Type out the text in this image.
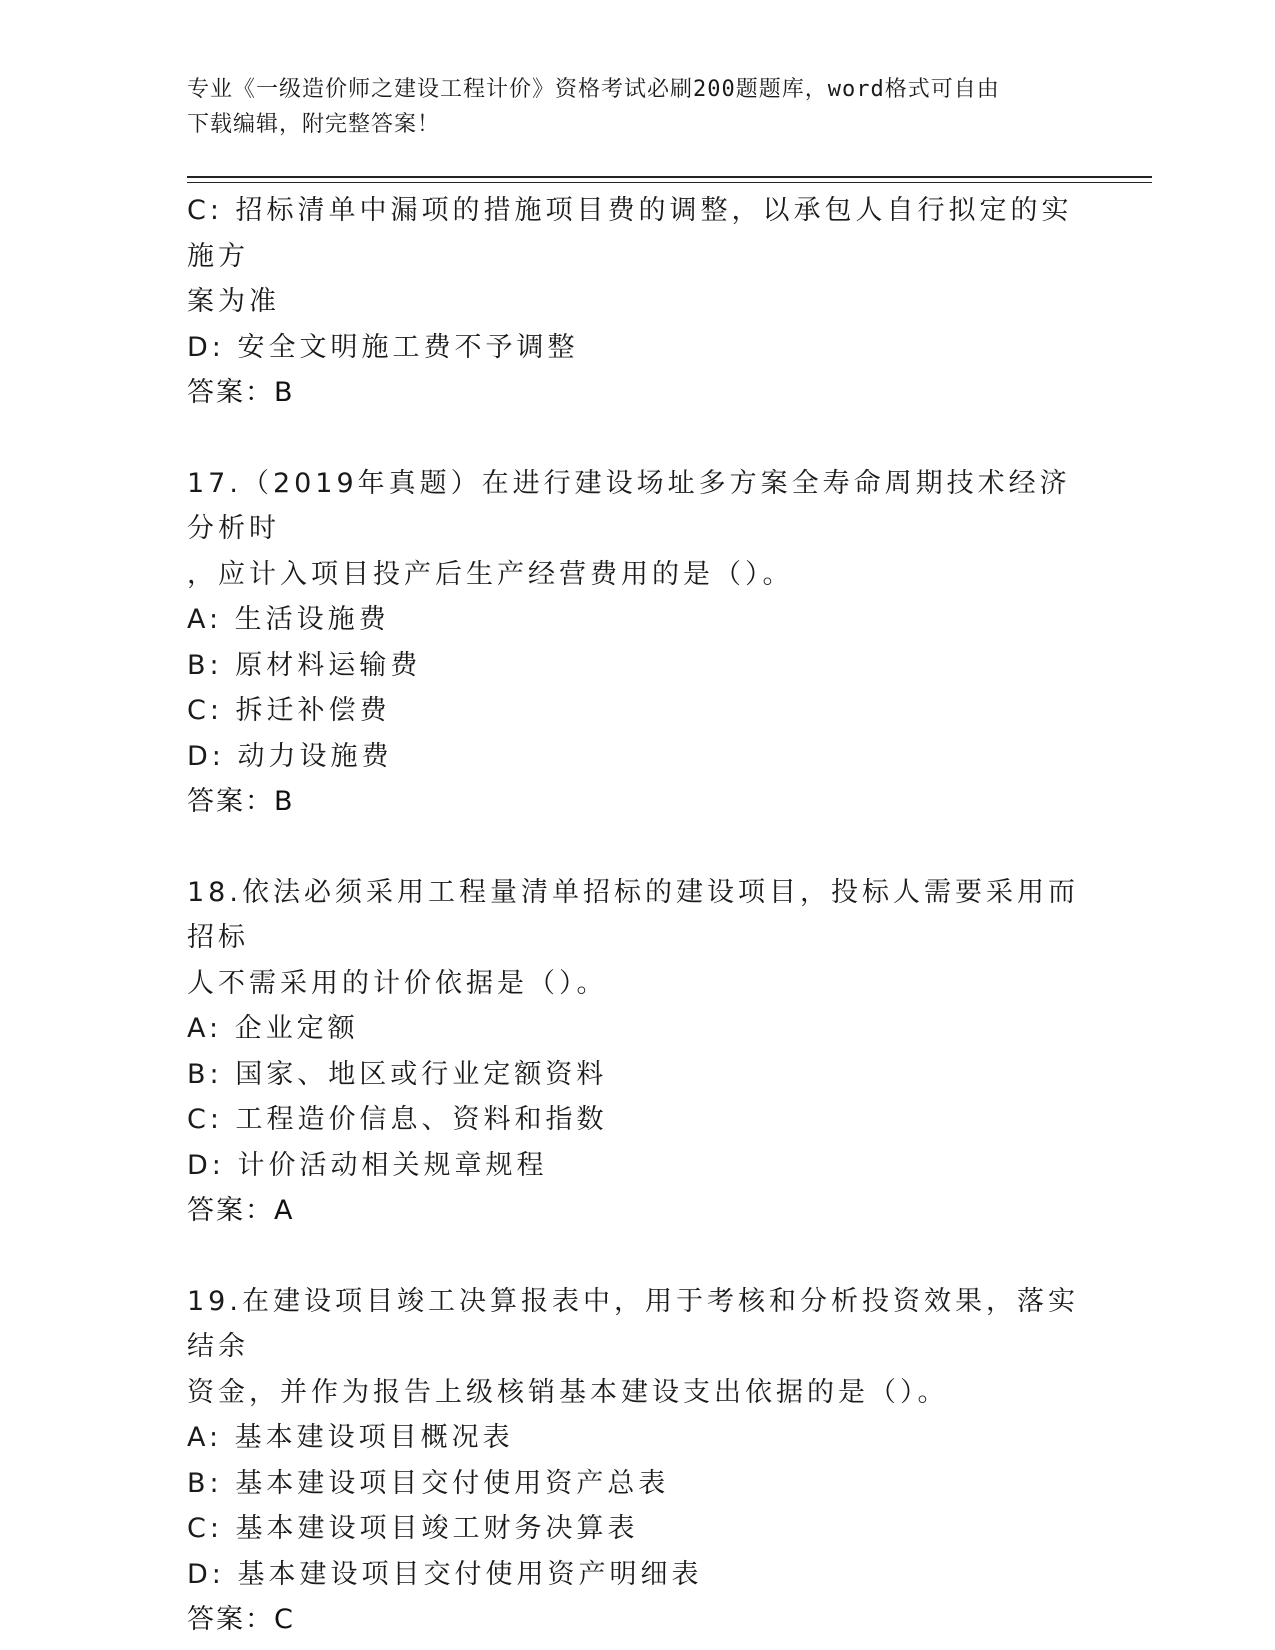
专业《一级造价师之建设工程计价》资格考试必刷200题题库，word格式可自由
下载编辑，附完整答案！
C: 招标清单中漏项的措施项目费的调整，以承包人自行拟定的实施方
案为准
D: 安全文明施工费不予调整
答案：B
17.（2019年真题）在进行建设场址多方案全寿命周期技术经济分析时
，应计入项目投产后生产经营费用的是（）。
A: 生活设施费
B: 原材料运输费
C: 拆迁补偿费
D: 动力设施费
答案：B
18.依法必须采用工程量清单招标的建设项目，投标人需要采用而招标
人不需采用的计价依据是（）。
A: 企业定额
B: 国家、地区或行业定额资料
C: 工程造价信息、资料和指数
D: 计价活动相关规章规程
答案：A
19.在建设项目竣工决算报表中，用于考核和分析投资效果，落实结余
资金，并作为报告上级核销基本建设支出依据的是（）。
A: 基本建设项目概况表
B: 基本建设项目交付使用资产总表
C: 基本建设项目竣工财务决算表
D: 基本建设项目交付使用资产明细表
答案：C
